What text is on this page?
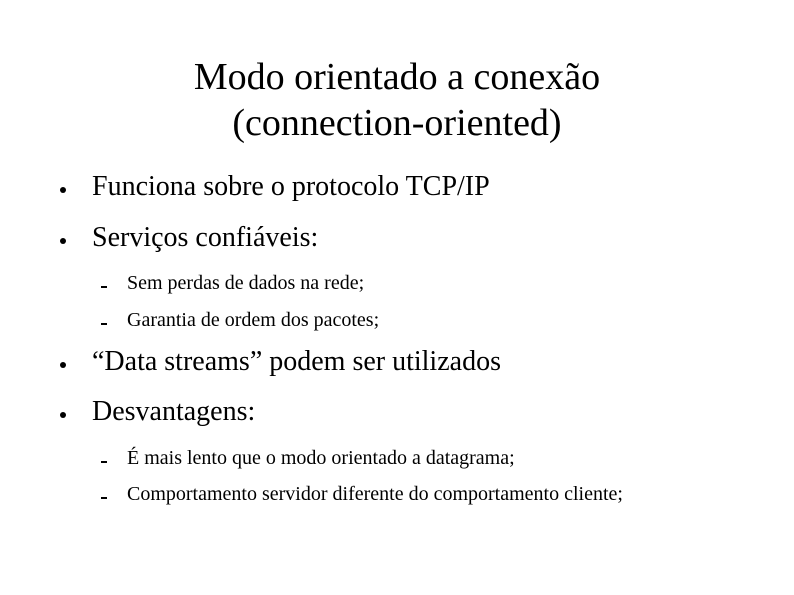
Modo orientado a conexão
(connection-oriented)
Funciona sobre o protocolo TCP/IP
Serviços confiáveis:
Sem perdas de dados na rede;
Garantia de ordem dos pacotes;
“Data streams” podem ser utilizados
Desvantagens:
É mais lento que o modo orientado a datagrama;
Comportamento servidor diferente do comportamento cliente;
